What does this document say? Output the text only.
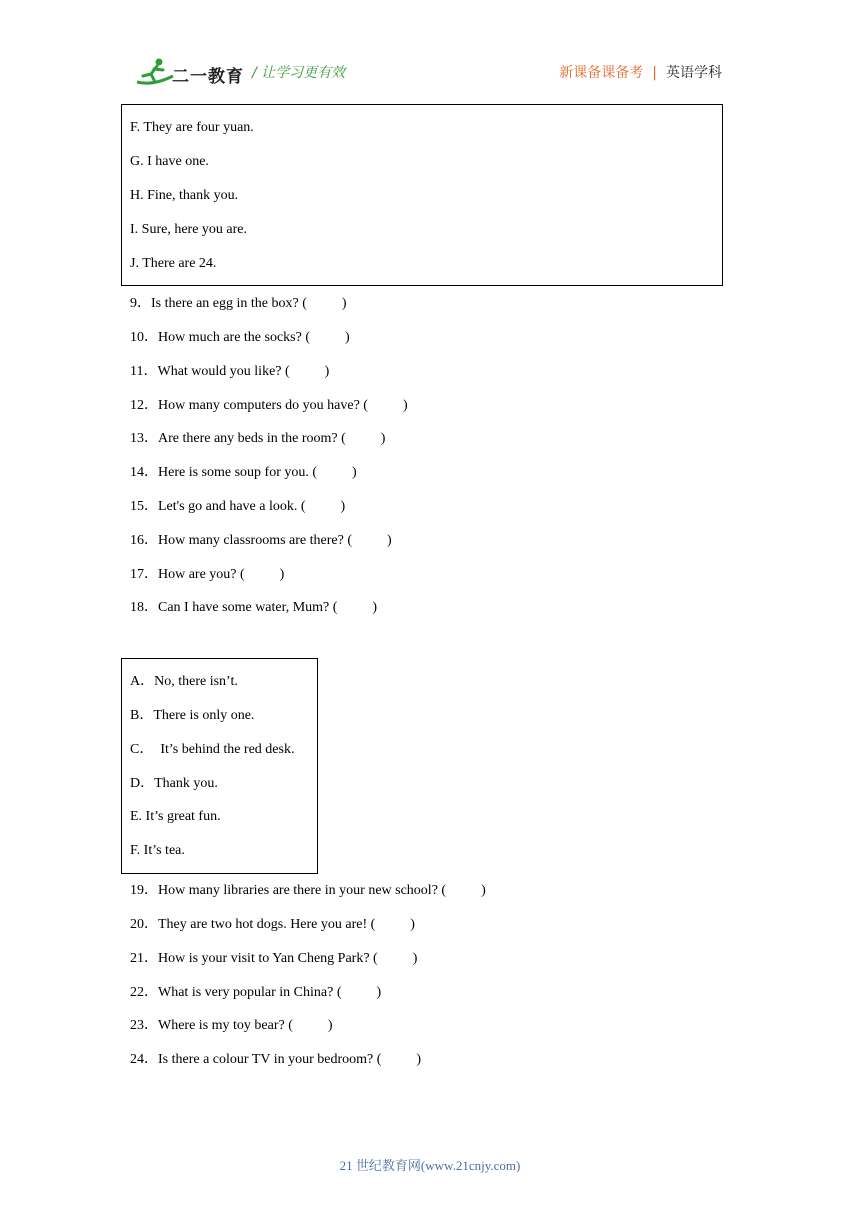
二一教育 / 让学习更有效	新课备课备考 | 英语学科
F. They are four yuan.
G. I have one.
H. Fine, thank you.
I. Sure, here you are.
J. There are 24.
9．Is there an egg in the box? (          )
10．How much are the socks? (          )
11．What would you like? (          )
12．How many computers do you have? (          )
13．Are there any beds in the room? (          )
14．Here is some soup for you. (          )
15．Let's go and have a look. (          )
16．How many classrooms are there? (          )
17．How are you? (          )
18．Can I have some water, Mum? (          )
A．No, there isn’t.
B．There is only one.
C．  It’s behind the red desk.
D．Thank you.
E. It’s great fun.
F. It’s tea.
19．How many libraries are there in your new school? (          )
20．They are two hot dogs. Here you are! (          )
21．How is your visit to Yan Cheng Park? (          )
22．What is very popular in China? (          )
23．Where is my toy bear? (          )
24．Is there a colour TV in your bedroom? (          )
21 世纪教育网(www.21cnjy.com)
